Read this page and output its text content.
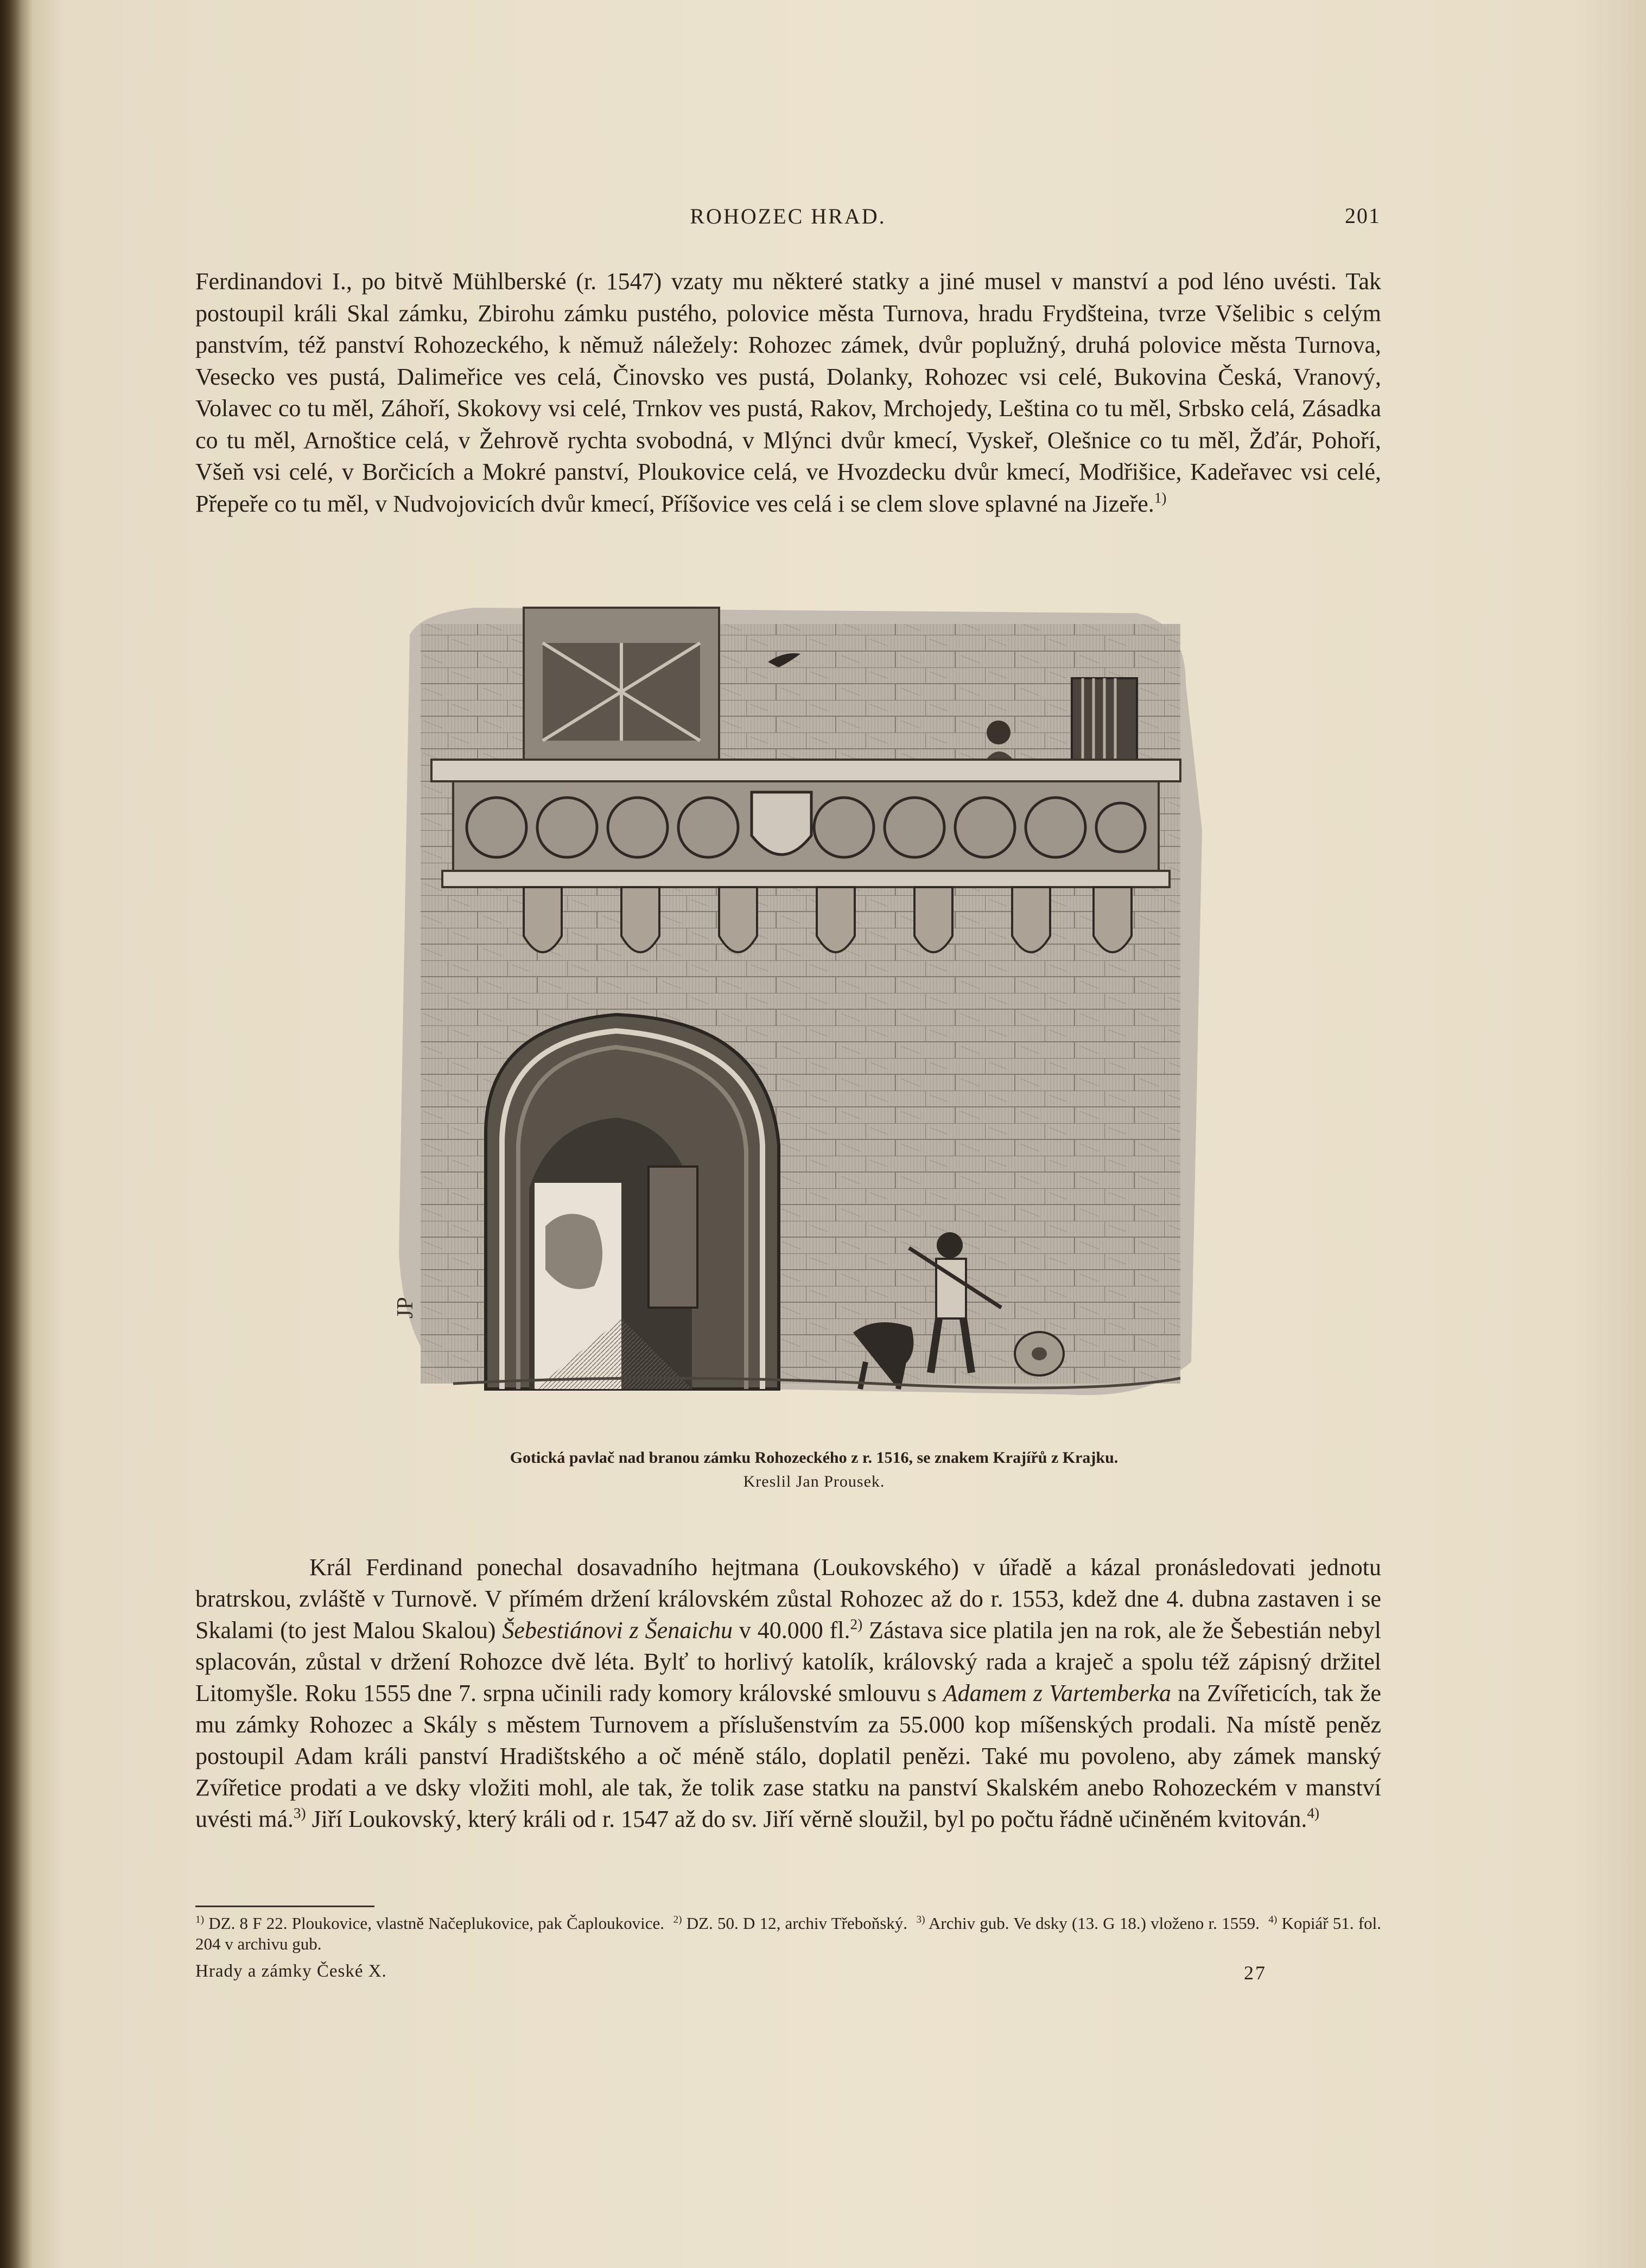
ROHOZEC HRAD.	201

Ferdinandovi I., po bitvě Mühlberské (r. 1547) vzaty mu některé statky a jiné musel v manství a pod léno uvésti. Tak postoupil králi Skal zámku, Zbirohu zámku pustého, polovice města Turnova, hradu Frydšteina, tvrze Všelibic s celým panstvím, též panství Rohozeckého, k němuž náležely: Rohozec zámek, dvůr poplužný, druhá polovice města Turnova, Vesecko ves pustá, Dalimeřice ves celá, Činovsko ves pustá, Dolanky, Rohozec vsi celé, Bukovina Česká, Vranový, Volavec co tu měl, Záhoří, Skokovy vsi celé, Trnkov ves pustá, Rakov, Mrchojedy, Leština co tu měl, Srbsko celá, Zásadka co tu měl, Arnoštice celá, v Žehrově rychta svobodná, v Mlýnci dvůr kmecí, Vyskeř, Olešnice co tu měl, Žďár, Pohoří, Všeň vsi celé, v Borčicích a Mokré panství, Ploukovice celá, ve Hvozdecku dvůr kmecí, Modřišice, Kadeřavec vsi celé, Přepeře co tu měl, v Nudvojovicích dvůr kmecí, Příšovice ves celá i se clem slove splavné na Jizeře.$^{1)}$

JP
Gotická pavlač nad branou zámku Rohozeckého z r. 1516, se znakem Krajířů z Krajku.
Kreslil Jan Prousek.

Král Ferdinand ponechal dosavadního hejtmana (Loukovského) v úřadě a kázal pronásledovati jednotu bratrskou, zvláště v Turnově. V přímém držení královském zůstal Rohozec až do r. 1553, kdež dne 4. dubna zastaven i se Skalami (to jest Malou Skalou) Šebestiánovi z Šenaichu v 40.000 fl.$^{2)}$ Zástava sice platila jen na rok, ale že Šebestián nebyl splacován, zůstal v držení Rohozce dvě léta. Bylť to horlivý katolík, královský rada a kraječ a spolu též zápisný držitel Litomyšle. Roku 1555 dne 7. srpna učinili rady komory královské smlouvu s Adamem z Vartemberka na Zvířeticích, tak že mu zámky Rohozec a Skály s městem Turnovem a příslušenstvím za 55.000 kop míšenských prodali. Na místě peněz postoupil Adam králi panství Hradištského a oč méně stálo, doplatil penězi. Také mu povoleno, aby zámek manský Zvířetice prodati a ve dsky vložiti mohl, ale tak, že tolik zase statku na panství Skalském anebo Rohozeckém v manství uvésti má.$^{3)}$ Jiří Loukovský, který králi od r. 1547 až do sv. Jiří věrně sloužil, byl po počtu řádně učiněném kvitován.$^{4)}$

$^{1)}$ DZ. 8 F 22. Ploukovice, vlastně Načeplukovice, pak Čaploukovice. $^{2)}$ DZ. 50. D 12, archiv Třeboňský. $^{3)}$ Archiv gub. Ve dsky (13. G 18.) vloženo r. 1559. $^{4)}$ Kopiář 51. fol. 204 v archivu gub.
Hrady a zámky České X.	27
